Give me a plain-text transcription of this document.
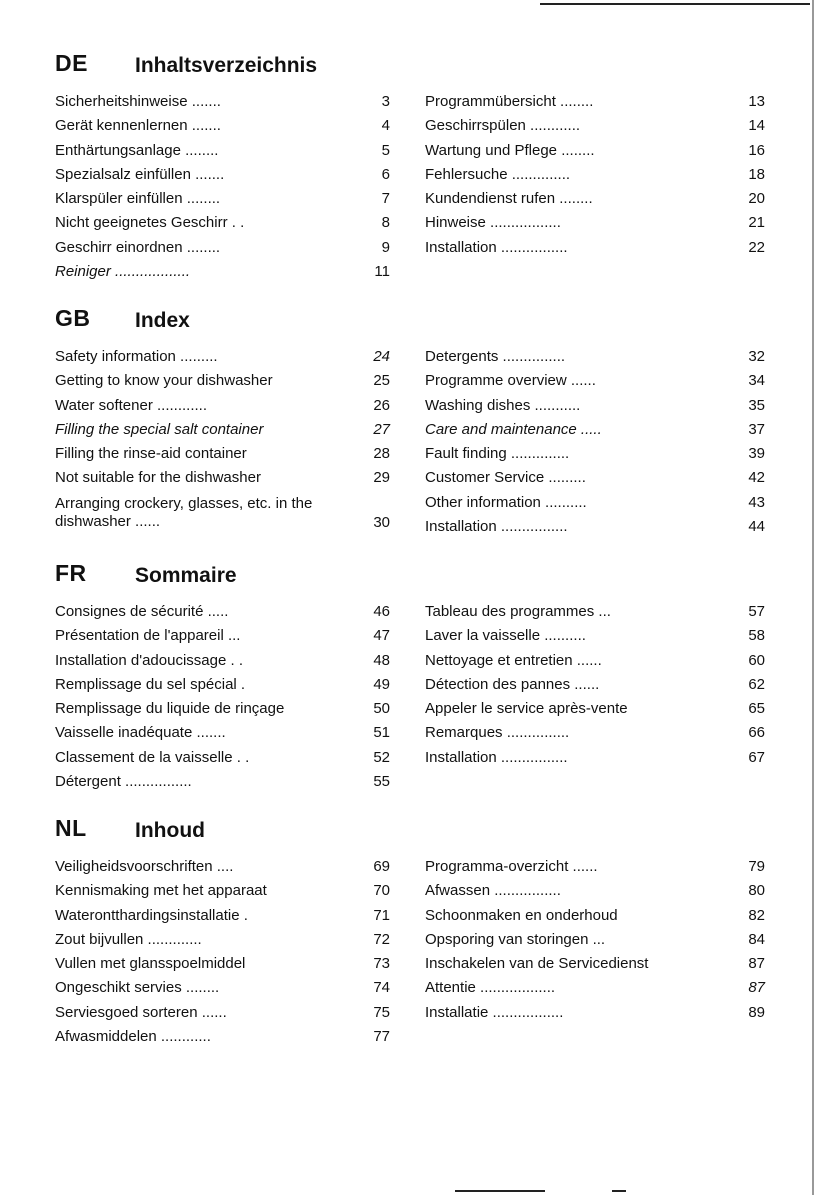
DE Inhaltsverzeichnis
Sicherheitshinweise .......	3
Gerät kennenlernen .......	4
Enthärtungsanlage ........	5
Spezialsalz einfüllen .......	6
Klarspüler einfüllen ........	7
Nicht geeignetes Geschirr . .	8
Geschirr einordnen ........	9
Reiniger ..................	11
Programmübersicht ........	13
Geschirrspülen ............	14
Wartung und Pflege ........	16
Fehlersuche ..............	18
Kundendienst rufen ........	20
Hinweise .................	21
Installation ................	22
GB Index
Safety information .........	24
Getting to know your dishwasher	25
Water softener ............	26
Filling the special salt container	27
Filling the rinse-aid container	28
Not suitable for the dishwasher	29
Arranging crockery, glasses, etc. in the dishwasher ......	30
Detergents ...............	32
Programme overview ......	34
Washing dishes ...........	35
Care and maintenance .....	37
Fault finding ..............	39
Customer Service .........	42
Other information ..........	43
Installation ................	44
FR Sommaire
Consignes de sécurité .....	46
Présentation de l'appareil ...	47
Installation d'adoucissage . .	48
Remplissage du sel spécial .	49
Remplissage du liquide de rinçage	50
Vaisselle inadéquate .......	51
Classement de la vaisselle . .	52
Détergent ................	55
Tableau des programmes ...	57
Laver la vaisselle ..........	58
Nettoyage et entretien ......	60
Détection des pannes ......	62
Appeler le service après-vente	65
Remarques ...............	66
Installation ................	67
NL Inhoud
Veiligheidsvoorschriften ....	69
Kennismaking met het apparaat	70
Waterontthardingsinstallatie .	71
Zout bijvullen .............	72
Vullen met glansspoelmiddel	73
Ongeschikt servies ........	74
Serviesgoed sorteren ......	75
Afwasmiddelen ............	77
Programma-overzicht ......	79
Afwassen ................	80
Schoonmaken en onderhoud	82
Opsporing van storingen ...	84
Inschakelen van de Servicedienst	87
Attentie ..................	87
Installatie .................	89
